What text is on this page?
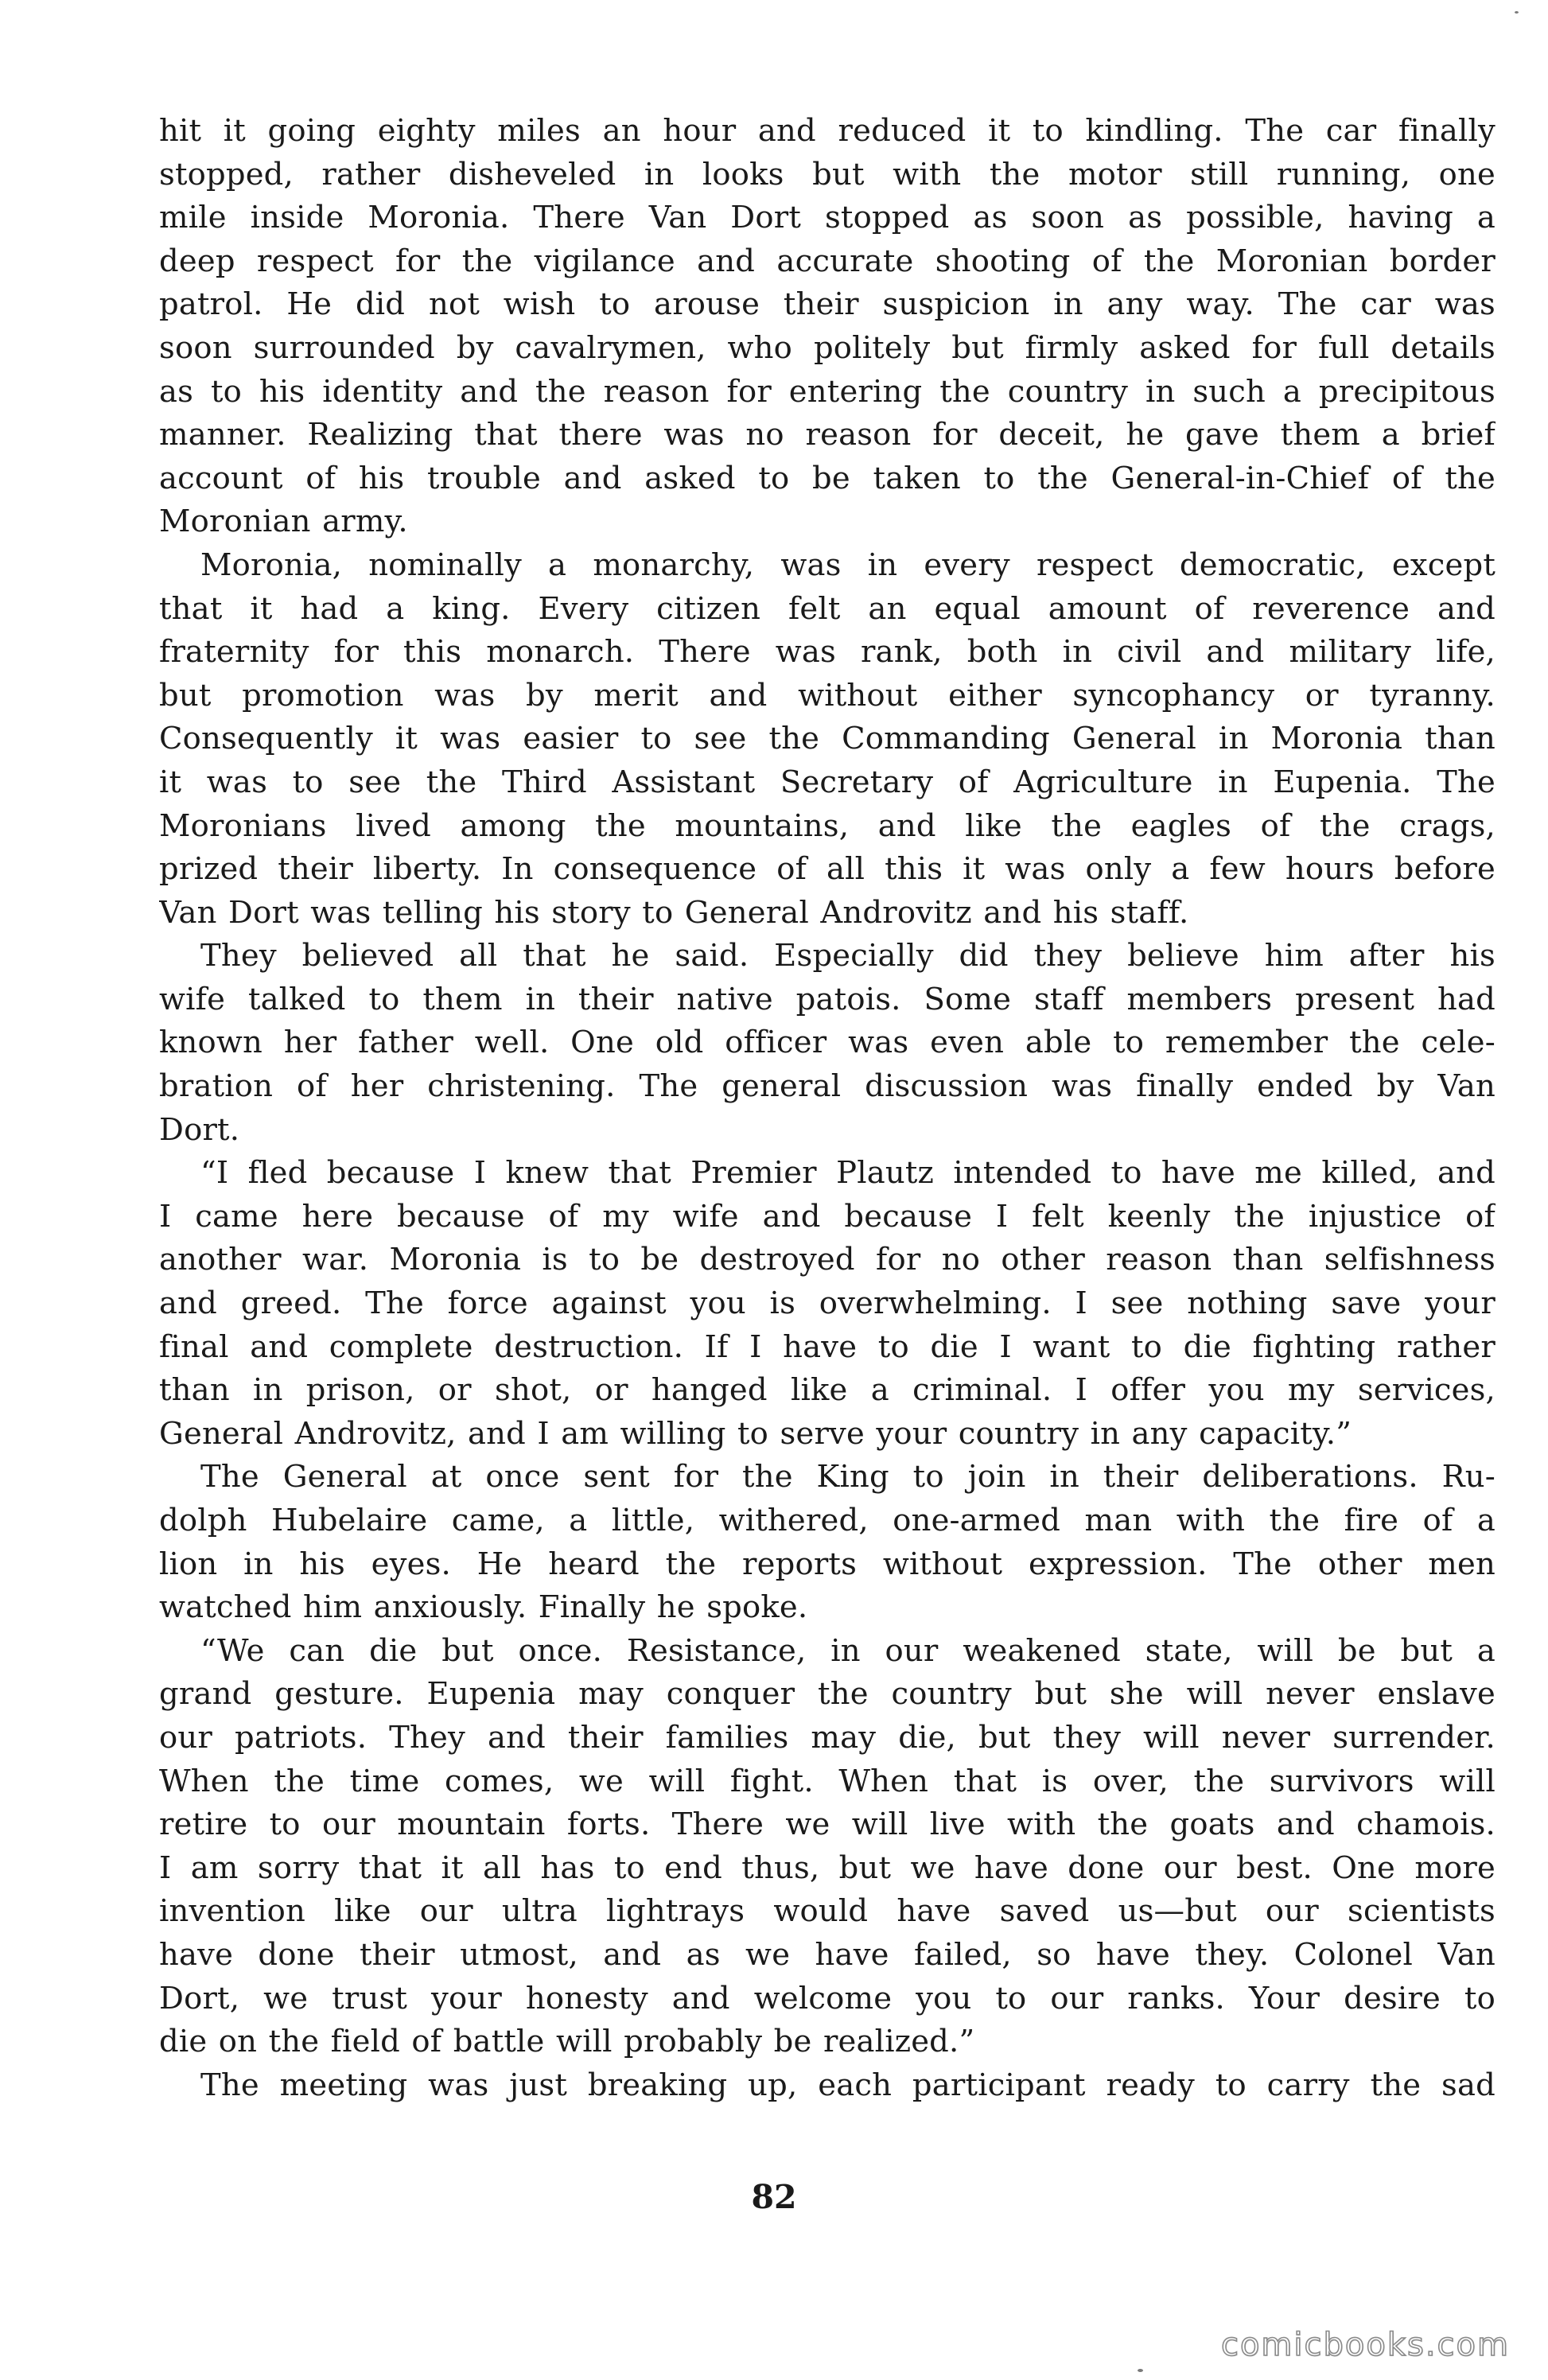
hit it going eighty miles an hour and reduced it to kindling. The car finally
stopped, rather disheveled in looks but with the motor still running, one
mile inside Moronia. There Van Dort stopped as soon as possible, having a
deep respect for the vigilance and accurate shooting of the Moronian border
patrol. He did not wish to arouse their suspicion in any way. The car was
soon surrounded by cavalrymen, who politely but firmly asked for full details
as to his identity and the reason for entering the country in such a precipitous
manner. Realizing that there was no reason for deceit, he gave them a brief
account of his trouble and asked to be taken to the General-in-Chief of the
Moronian army.
Moronia, nominally a monarchy, was in every respect democratic, except
that it had a king. Every citizen felt an equal amount of reverence and
fraternity for this monarch. There was rank, both in civil and military life,
but promotion was by merit and without either syncophancy or tyranny.
Consequently it was easier to see the Commanding General in Moronia than
it was to see the Third Assistant Secretary of Agriculture in Eupenia. The
Moronians lived among the mountains, and like the eagles of the crags,
prized their liberty. In consequence of all this it was only a few hours before
Van Dort was telling his story to General Androvitz and his staff.
They believed all that he said. Especially did they believe him after his
wife talked to them in their native patois. Some staff members present had
known her father well. One old officer was even able to remember the cele-
bration of her christening. The general discussion was finally ended by Van
Dort.
“I fled because I knew that Premier Plautz intended to have me killed, and
I came here because of my wife and because I felt keenly the injustice of
another war. Moronia is to be destroyed for no other reason than selfishness
and greed. The force against you is overwhelming. I see nothing save your
final and complete destruction. If I have to die I want to die fighting rather
than in prison, or shot, or hanged like a criminal. I offer you my services,
General Androvitz, and I am willing to serve your country in any capacity.”
The General at once sent for the King to join in their deliberations. Ru-
dolph Hubelaire came, a little, withered, one-armed man with the fire of a
lion in his eyes. He heard the reports without expression. The other men
watched him anxiously. Finally he spoke.
“We can die but once. Resistance, in our weakened state, will be but a
grand gesture. Eupenia may conquer the country but she will never enslave
our patriots. They and their families may die, but they will never surrender.
When the time comes, we will fight. When that is over, the survivors will
retire to our mountain forts. There we will live with the goats and chamois.
I am sorry that it all has to end thus, but we have done our best. One more
invention like our ultra lightrays would have saved us—but our scientists
have done their utmost, and as we have failed, so have they. Colonel Van
Dort, we trust your honesty and welcome you to our ranks. Your desire to
die on the field of battle will probably be realized.”
The meeting was just breaking up, each participant ready to carry the sad
82
comicbooks.com
